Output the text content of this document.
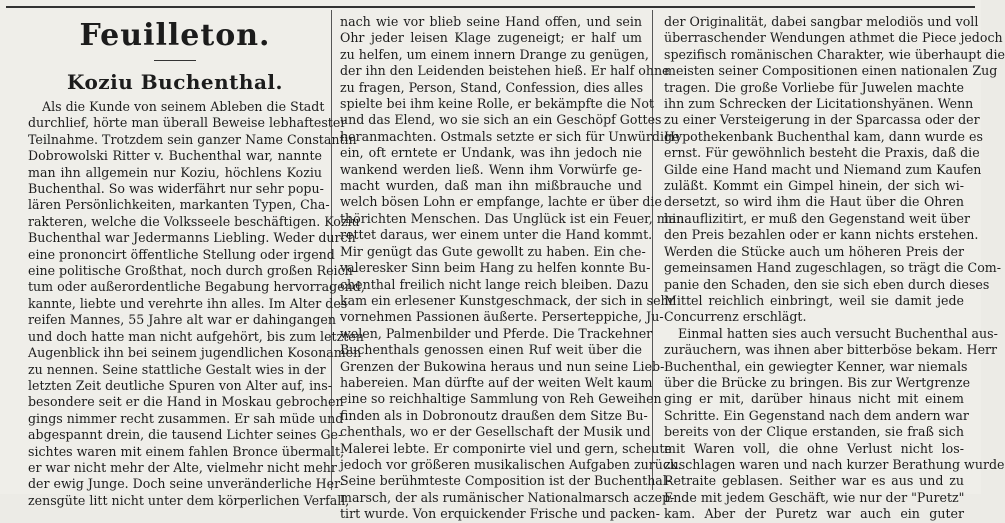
Feuilleton.
Koziu Buchenthal.
Als die Kunde von seinem Ableben die Stadt
durchlief, hörte man überall Beweise lebhaftester
Teilnahme. Trotzdem sein ganzer Name Constantin
Dobrowolski Ritter v. Buchenthal war, nannte
man ihn allgemein nur Koziu, höchlens Koziu
Buchenthal. So was widerfährt nur sehr popu-
lären Persönlichkeiten, markanten Typen, Cha-
rakteren, welche die Volksseele beschäftigen. Koziu
Buchenthal war Jedermanns Liebling. Weder durch
eine prononcirt öffentliche Stellung oder irgend
eine politische Großthat, noch durch großen Reich-
tum oder außerordentliche Begabung hervorragend,
kannte, liebte und verehrte ihn alles. Im Alter des
reifen Mannes, 55 Jahre alt war er dahingangen
und doch hatte man nicht aufgehört, bis zum letzten
Augenblick ihn bei seinem jugendlichen Kosonamen
zu nennen. Seine stattliche Gestalt wies in der
letzten Zeit deutliche Spuren von Alter auf, ins-
besondere seit er die Hand in Moskau gebrochen
gings nimmer recht zusammen. Er sah müde und
abgespannt drein, die tausend Lichter seines Ge-
sichtes waren mit einem fahlen Bronce übermalt,
er war nicht mehr der Alte, vielmehr nicht mehr
der ewig Junge. Doch seine unveränderliche Her-
zensgüte litt nicht unter dem körperlichen Verfall,
nach wie vor blieb seine Hand offen, und sein
Ohr jeder leisen Klage zugeneigt; er half um
zu helfen, um einem innern Drange zu genügen,
der ihn den Leidenden beistehen hieß. Er half ohne
zu fragen, Person, Stand, Confession, dies alles
spielte bei ihm keine Rolle, er bekämpfte die Not
und das Elend, wo sie sich an ein Geschöpf Gottes
heranmachten. Ostmals setzte er sich für Unwürdige
ein, oft erntete er Undank, was ihn jedoch nie
wankend werden ließ. Wenn ihm Vorwürfe ge-
macht wurden, daß man ihn mißbrauche und
welch bösen Lohn er empfange, lachte er über die
thörichten Menschen. Das Unglück ist ein Feuer, man
rettet daraus, wer einem unter die Hand kommt.
Mir genügt das Gute gewollt zu haben. Ein che-
valeresker Sinn beim Hang zu helfen konnte Bu-
chenthal freilich nicht lange reich bleiben. Dazu
kam ein erlesener Kunstgeschmack, der sich in sehr
vornehmen Passionen äußerte. Perserteppiche, Ju-
welen, Palmenbilder und Pferde. Die Trackehner
Buchenthals genossen einen Ruf weit über die
Grenzen der Bukowina heraus und nun seine Lieb-
habereien. Man dürfte auf der weiten Welt kaum
eine so reichhaltige Sammlung von Reh Geweihen
finden als in Dobronoutz draußen dem Sitze Bu-
chenthals, wo er der Gesellschaft der Musik und
Malerei lebte. Er componirte viel und gern, scheute
jedoch vor größeren musikalischen Aufgaben zurück.
Seine berühmteste Composition ist der Buchenthal-
marsch, der als rumänischer Nationalmarsch aczep-
tirt wurde. Von erquickender Frische und packen-
der Originalität, dabei sangbar melodiös und voll
überraschender Wendungen athmet die Piece jedoch
spezifisch romänischen Charakter, wie überhaupt die
meisten seiner Compositionen einen nationalen Zug
tragen. Die große Vorliebe für Juwelen machte
ihn zum Schrecken der Licitationshyänen. Wenn
zu einer Versteigerung in der Sparcassa oder der
Hypothekenbank Buchenthal kam, dann wurde es
ernst. Für gewöhnlich besteht die Praxis, daß die
Gilde eine Hand macht und Niemand zum Kaufen
zuläßt. Kommt ein Gimpel hinein, der sich wi-
dersetzt, so wird ihm die Haut über die Ohren
hinauflizitirt, er muß den Gegenstand weit über
den Preis bezahlen oder er kann nichts erstehen.
Werden die Stücke auch um höheren Preis der
gemeinsamen Hand zugeschlagen, so trägt die Com-
panie den Schaden, den sie sich eben durch dieses
Mittel reichlich einbringt, weil sie damit jede
Concurrenz erschlägt.
Einmal hatten sies auch versucht Buchenthal aus-
zuräuchern, was ihnen aber bitterböse bekam. Herr
Buchenthal, ein gewiegter Kenner, war niemals
über die Brücke zu bringen. Bis zur Wertgrenze
ging er mit, darüber hinaus nicht mit einem
Schritte. Ein Gegenstand nach dem andern war
bereits von der Clique erstanden, sie fraß sich
mit Waren voll, die ohne Verlust nicht los-
zuschlagen waren und nach kurzer Berathung wurde
Retraite geblasen. Seither war es aus und zu
Ende mit jedem Geschäft, wie nur der "Puretz"
kam. Aber der Puretz war auch ein guter
